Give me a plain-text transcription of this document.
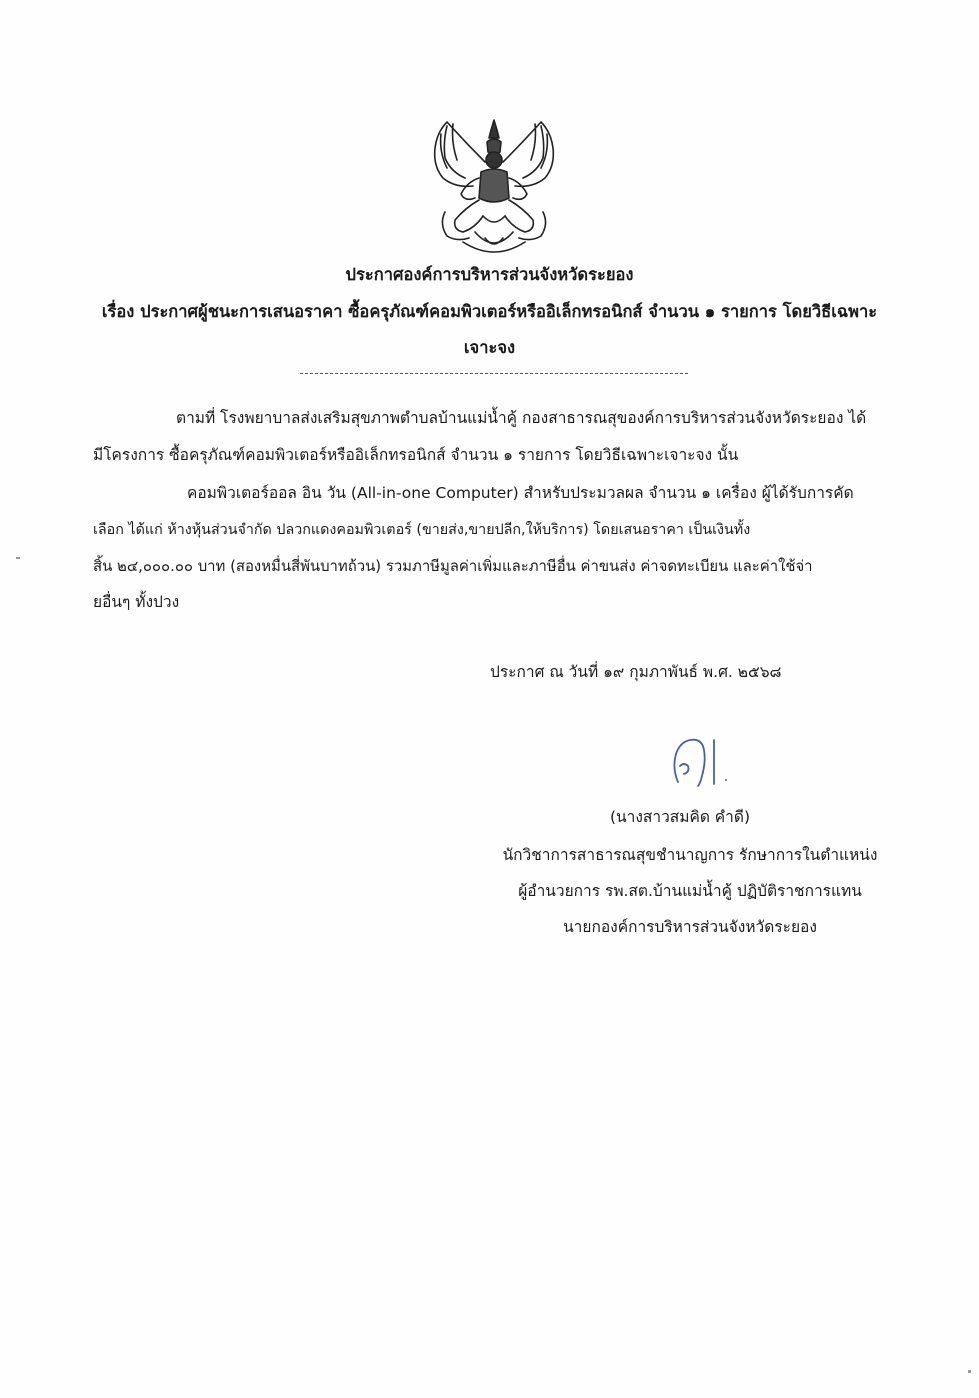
ประกาศองค์การบริหารส่วนจังหวัดระยอง
เรื่อง ประกาศผู้ชนะการเสนอราคา ซื้อครุภัณฑ์คอมพิวเตอร์หรืออิเล็กทรอนิกส์ จำนวน ๑ รายการ โดยวิธีเฉพาะ
เจาะจง
ตามที่ โรงพยาบาลส่งเสริมสุขภาพตำบลบ้านแม่น้ำคู้ กองสาธารณสุของค์การบริหารส่วนจังหวัดระยอง ได้
มีโครงการ ซื้อครุภัณฑ์คอมพิวเตอร์หรืออิเล็กทรอนิกส์ จำนวน ๑ รายการ โดยวิธีเฉพาะเจาะจง นั้น
คอมพิวเตอร์ออล อิน วัน (All-in-one Computer) สำหรับประมวลผล จำนวน ๑ เครื่อง ผู้ได้รับการคัด
เลือก ได้แก่ ห้างหุ้นส่วนจำกัด ปลวกแดงคอมพิวเตอร์ (ขายส่ง,ขายปลีก,ให้บริการ) โดยเสนอราคา เป็นเงินทั้ง
สิ้น ๒๔,๐๐๐.๐๐ บาท (สองหมื่นสี่พันบาทถ้วน) รวมภาษีมูลค่าเพิ่มและภาษีอื่น ค่าขนส่ง ค่าจดทะเบียน และค่าใช้จ่า
ยอื่นๆ ทั้งปวง
ประกาศ ณ วันที่ ๑๙ กุมภาพันธ์ พ.ศ. ๒๕๖๘
(นางสาวสมคิด คำดี)
นักวิชาการสาธารณสุขชำนาญการ รักษาการในตำแหน่ง
ผู้อำนวยการ รพ.สต.บ้านแม่น้ำคู้ ปฏิบัติราชการแทน
นายกองค์การบริหารส่วนจังหวัดระยอง
